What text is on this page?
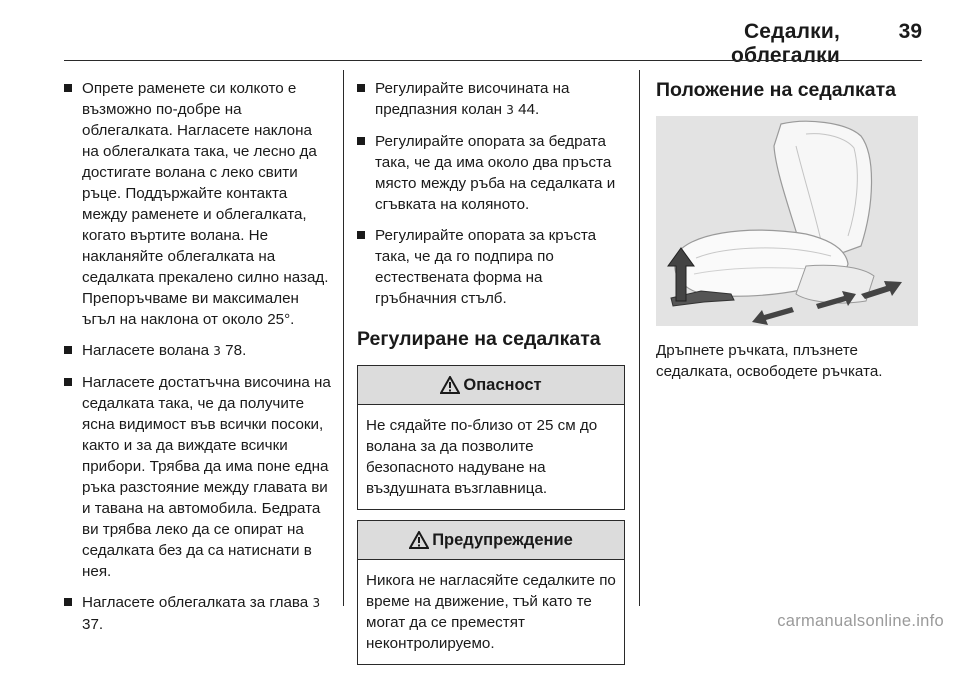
Седалки, облегалки
39
Опрете раменете си колкото е възможно по-добре на облегалката. Нагласете наклона на облегалката така, че лесно да достигате волана с леко свити ръце. Поддържайте контакта между раменете и облегалката, когато въртите волана. Не накланяйте облегалката на седалката прекалено силно назад. Препоръчваме ви максимален ъгъл на наклона от около 25°.
Нагласете волана 3 78.
Нагласете достатъчна височина на седалката така, че да получите ясна видимост във всички посоки, както и за да виждате всички прибори. Трябва да има поне една ръка разстояние между главата ви и тавана на автомобила. Бедрата ви трябва леко да се опират на седалката без да са натиснати в нея.
Нагласете облегалката за глава 3 37.
Регулирайте височината на предпазния колан 3 44.
Регулирайте опората за бедрата така, че да има около два пръста място между ръба на седалката и сгъвката на коляното.
Регулирайте опората за кръста така, че да го подпира по естествената форма на гръбначния стълб.
Регулиране на седалката
Опасност
Не сядайте по-близо от 25 см до волана за да позволите безопасното надуване на въздушната възглавница.
Предупреждение
Никога не нагласяйте седалките по време на движение, тъй като те могат да се преместят неконтролируемо.
Положение на седалката
Дръпнете ръчката, плъзнете седалката, освободете ръчката.
carmanualsonline.info
